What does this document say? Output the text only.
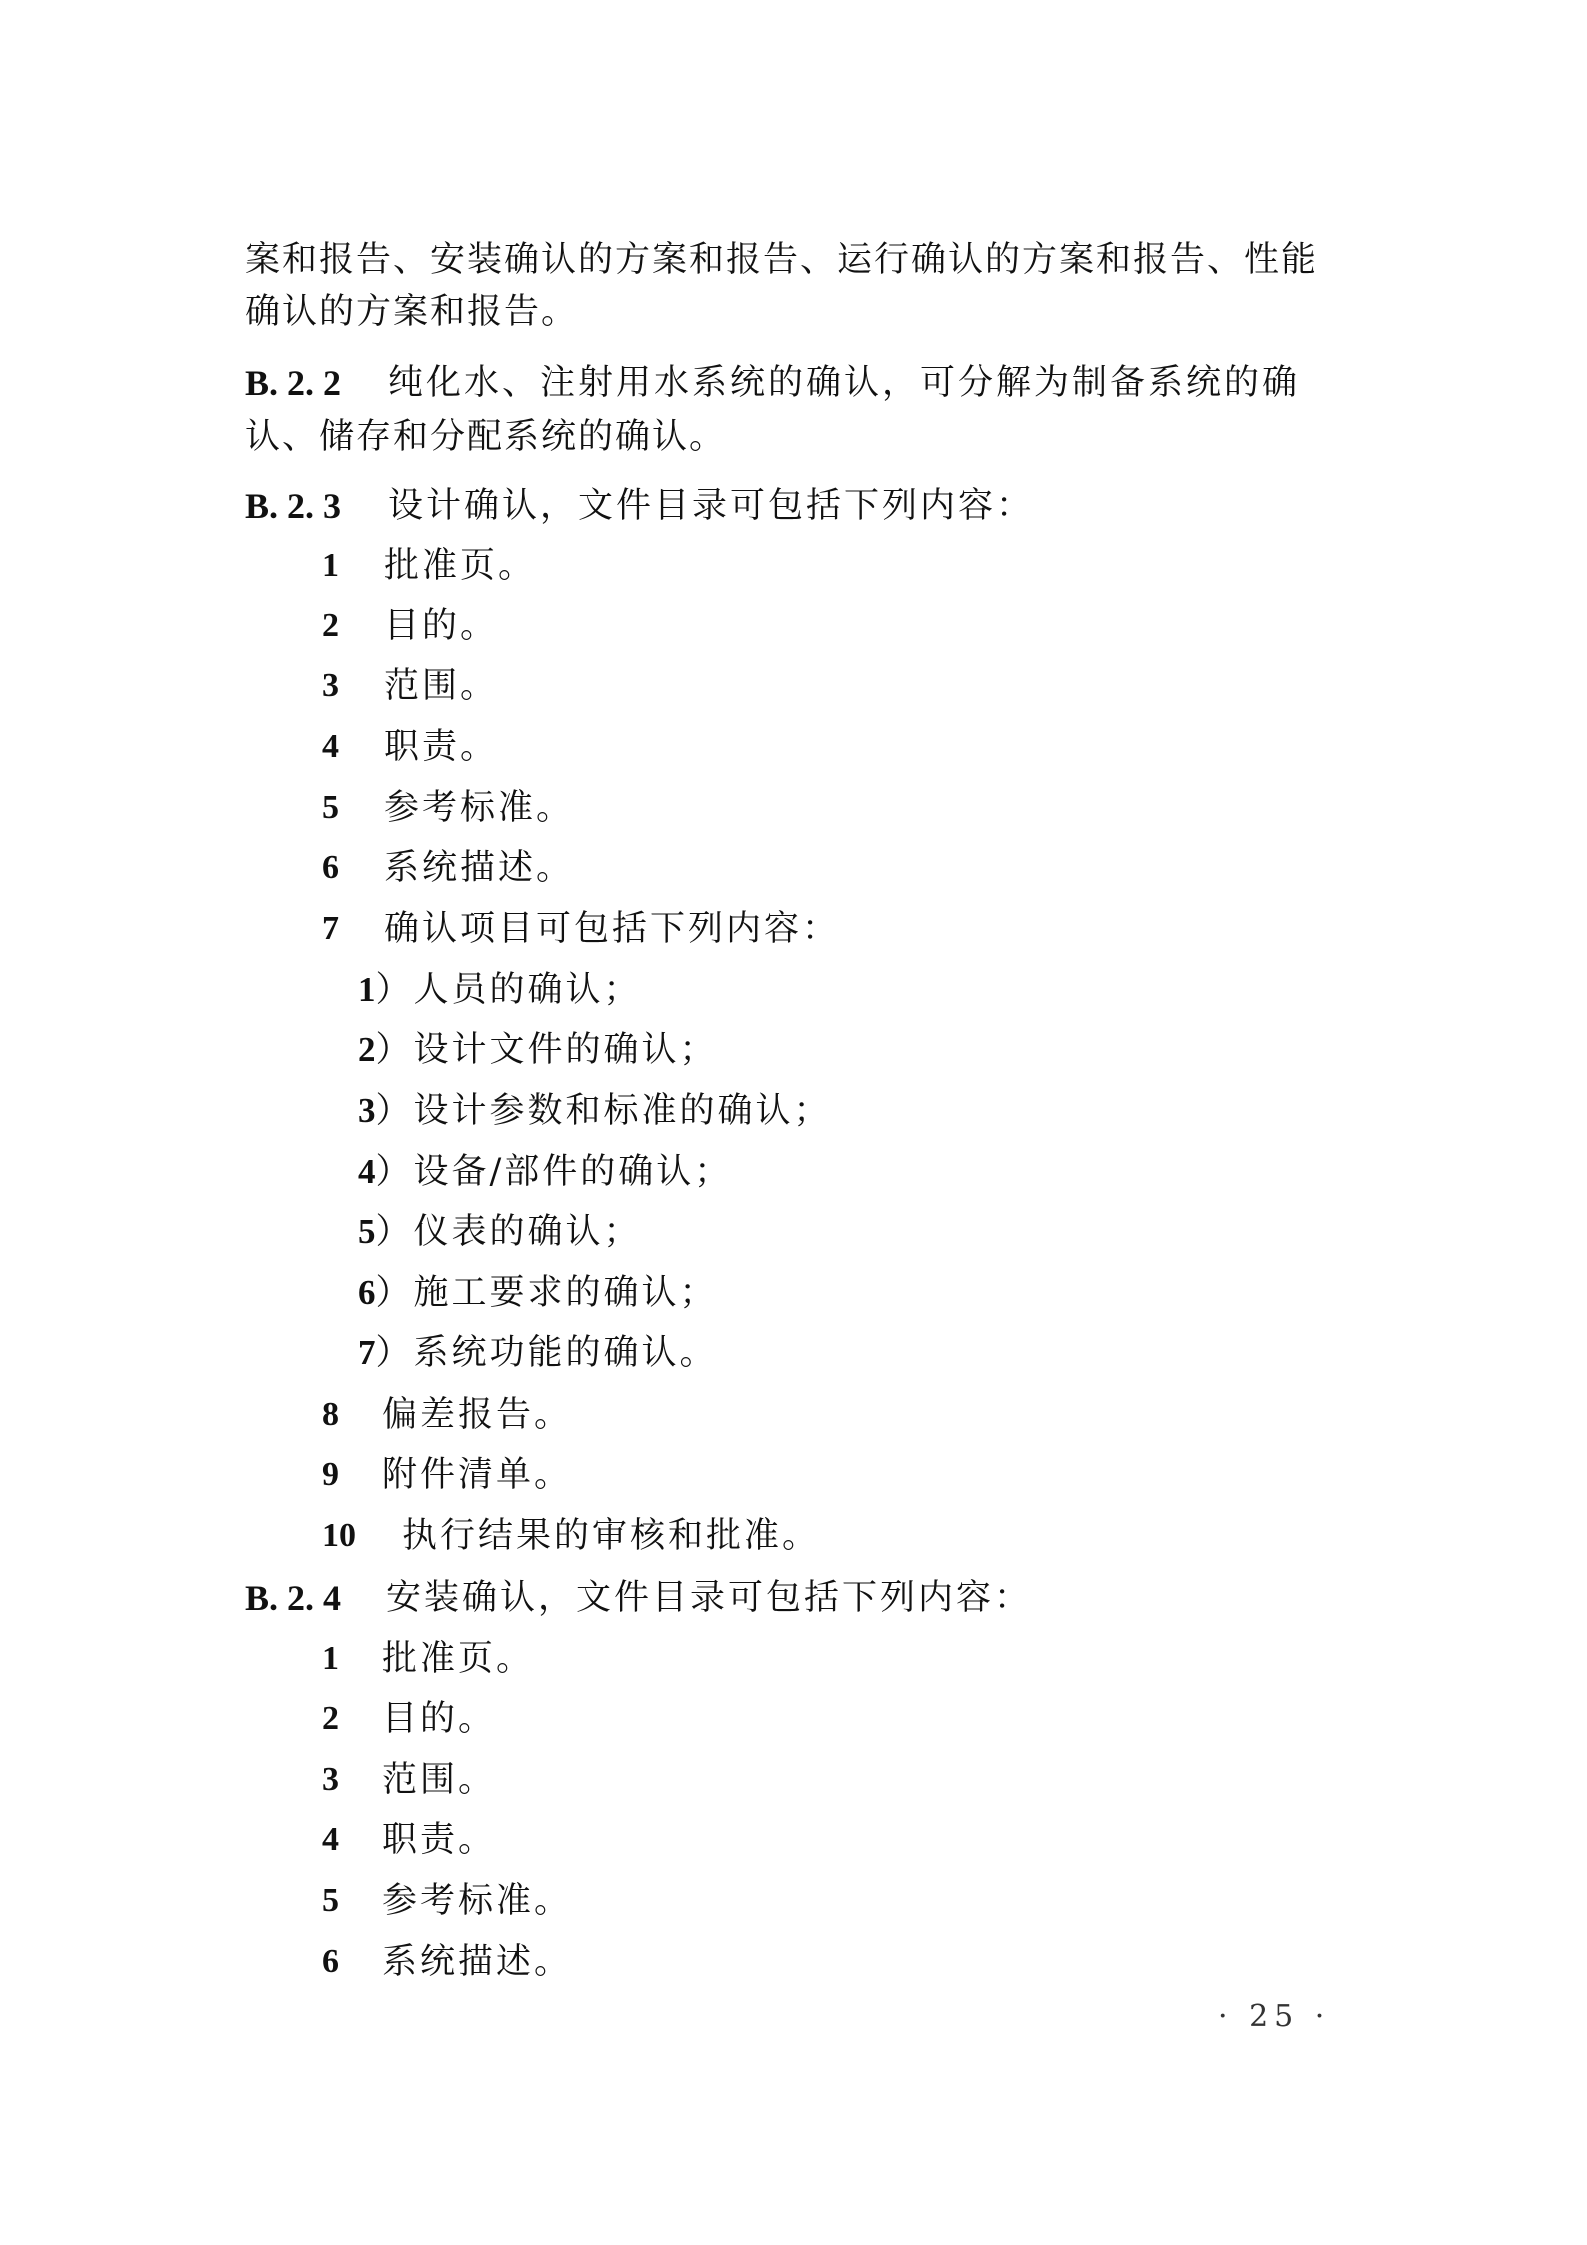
案和报告、安装确认的方案和报告、运行确认的方案和报告、性能
确认的方案和报告。
B. 2. 2 纯化水、注射用水系统的确认，可分解为制备系统的确
认、储存和分配系统的确认。
B. 2. 3 设计确认，文件目录可包括下列内容：
1 批准页。
2 目的。
3 范围。
4 职责。
5 参考标准。
6 系统描述。
7 确认项目可包括下列内容：
1）人员的确认；
2）设计文件的确认；
3）设计参数和标准的确认；
4）设备/部件的确认；
5）仪表的确认；
6）施工要求的确认；
7）系统功能的确认。
8 偏差报告。
9 附件清单。
10 执行结果的审核和批准。
B. 2. 4 安装确认，文件目录可包括下列内容：
1 批准页。
2 目的。
3 范围。
4 职责。
5 参考标准。
6 系统描述。
· 25 ·
